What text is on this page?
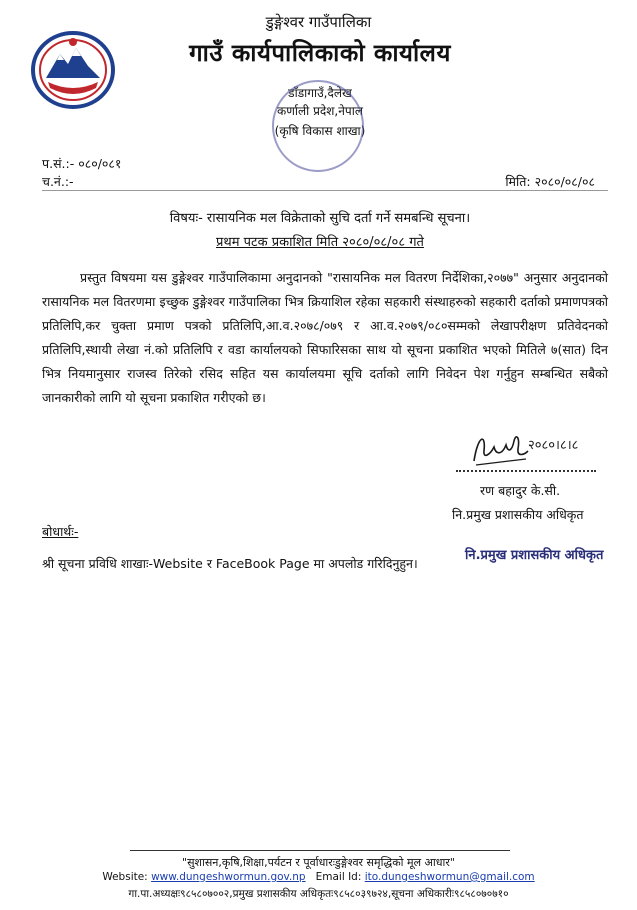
डुङ्गेश्वर गाउँपालिका
गाउँ कार्यपालिकाको कार्यालय
डाँडागाउँ,दैलेख
कर्णाली प्रदेश,नेपाल
(कृषि विकास शाखा)
प.सं.:- ०८०/०८१
च.नं.:-	मिति: २०८०/०८/०८
विषयः- रासायनिक मल विक्रेताको सुचि दर्ता गर्ने समबन्धि सूचना।
प्रथम पटक प्रकाशित मिति २०८०/०८/०८ गते
प्रस्तुत विषयमा यस डुङ्गेश्वर गाउँपालिकामा अनुदानको "रासायनिक मल वितरण निर्देशिका,२०७७" अनुसार अनुदानको रासायनिक मल वितरणमा इच्छुक डुङ्गेश्वर गाउँपालिका भित्र क्रियाशिल रहेका सहकारी संस्थाहरुको सहकारी दर्ताको प्रमाणपत्रको प्रतिलिपि,कर चुक्ता प्रमाण पत्रको प्रतिलिपि,आ.व.२०७८/०७९ र आ.व.२०७९/०८०सम्मको लेखापरीक्षण प्रतिवेदनको प्रतिलिपि,स्थायी लेखा नं.को प्रतिलिपि र वडा कार्यालयको सिफारिसका साथ यो सूचना प्रकाशित भएको मितिले ७(सात) दिन भित्र नियमानुसार राजस्व तिरेको रसिद सहित यस कार्यालयमा सूचि दर्ताको लागि निवेदन पेश गर्नुहुन सम्बन्धित सबैको जानकारीको लागि यो सूचना प्रकाशित गरीएको छ।
२०८०।८।८
रण बहादुर के.सी.
नि.प्रमुख प्रशासकीय अधिकृत
बोधार्थः-
नि.प्रमुख प्रशासकीय अधिकृत
श्री सूचना प्रविधि शाखाः-Website र FaceBook Page मा अपलोड गरिदिनुहुन।
"सुशासन,कृषि,शिक्षा,पर्यटन र पूर्वाधारःडुङ्गेश्वर समृद्धिको मूल आधार"
Website: www.dungeshwormun.gov.np Email Id: ito.dungeshwormun@gmail.com
गा.पा.अध्यक्षः९८५८०७००२,प्रमुख प्रशासकीय अधिकृतः९८५८०३९७२४,सूचना अधिकारीः९८५८०७०७१०
